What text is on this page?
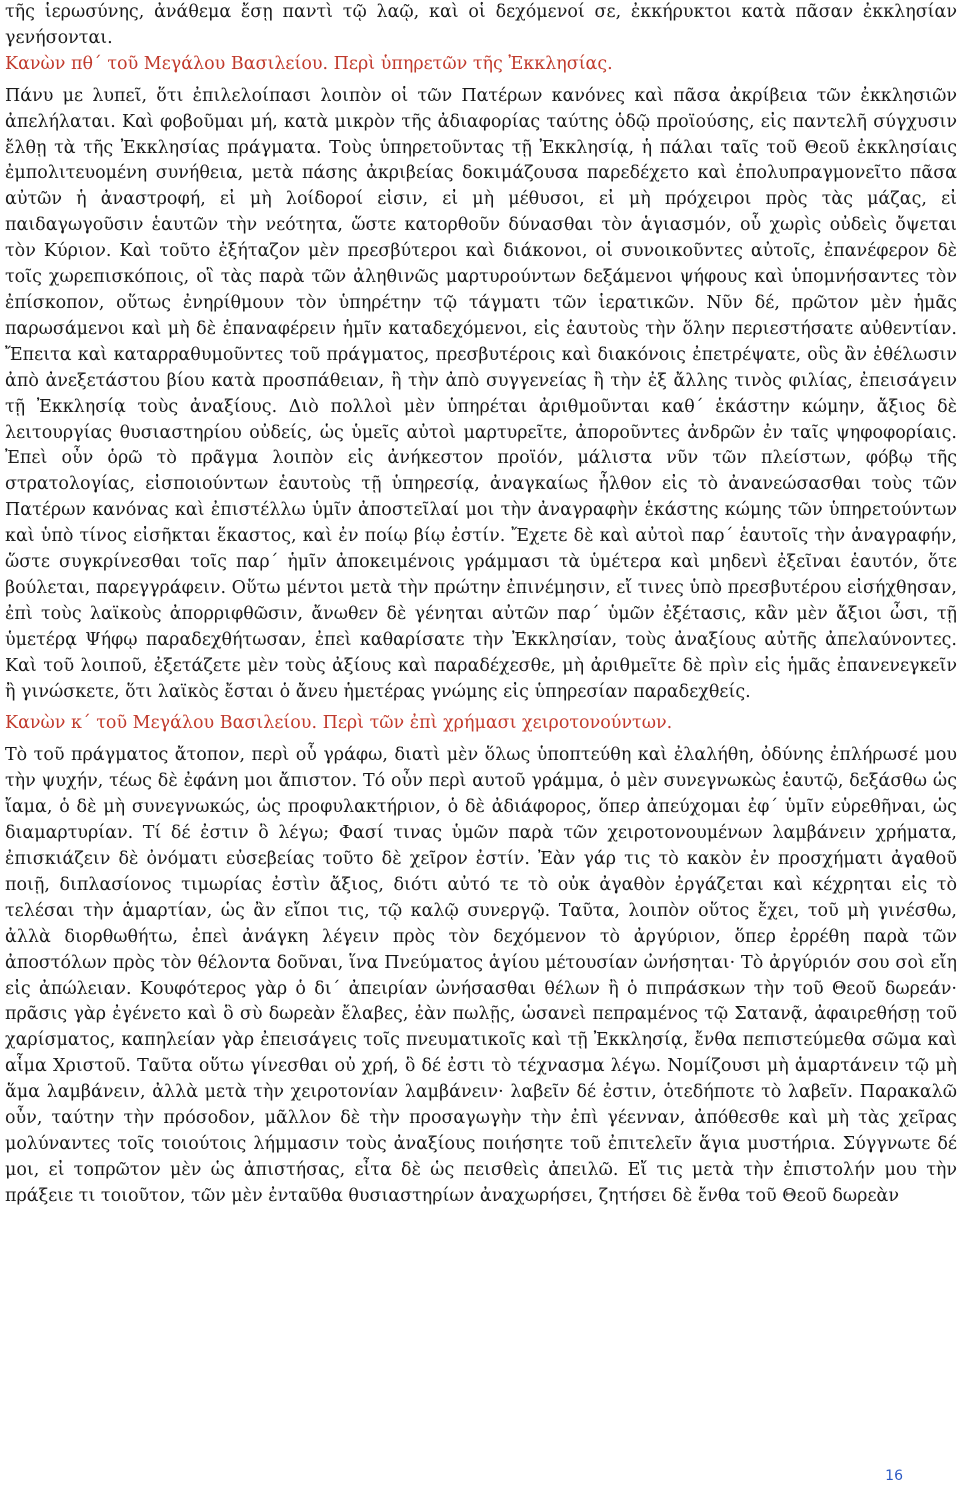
τῆς ἱερωσύνης, ἀνάθεμα ἔσῃ παντὶ τῷ λαῷ, καὶ οἱ δεχόμενοί σε, ἐκκήρυκτοι κατὰ πᾶσαν ἐκκλησίαν γενήσονται.

Κανὼν πθ΄ τοῦ Μεγάλου Βασιλείου. Περὶ ὑπηρετῶν τῆς Ἐκκλησίας.

Πάνυ με λυπεῖ, ὅτι ἐπιλελοίπασι λοιπὸν οἱ τῶν Πατέρων κανόνες καὶ πᾶσα ἀκρίβεια τῶν ἐκκλησιῶν ἀπελήλαται. Καὶ φοβοῦμαι μή, κατὰ μικρὸν τῆς ἀδιαφορίας ταύτης ὁδῷ προϊούσης, εἰς παντελῆ σύγχυσιν ἔλθῃ τὰ τῆς Ἐκκλησίας πράγματα. Τοὺς ὑπηρετοῦντας τῇ Ἐκκλησίᾳ, ἡ πάλαι ταῖς τοῦ Θεοῦ ἐκκλησίαις ἐμπολιτευομένη συνήθεια, μετὰ πάσης ἀκριβείας δοκιμάζουσα παρεδέχετο καὶ ἐπολυπραγμονεῖτο πᾶσα αὐτῶν ἡ ἀναστροφή, εἰ μὴ λοίδοροί εἰσιν, εἰ μὴ μέθυσοι, εἰ μὴ πρόχειροι πρὸς τὰς μάζας, εἰ παιδαγωγοῦσιν ἑαυτῶν τὴν νεότητα, ὥστε κατορθοῦν δύνασθαι τὸν ἁγιασμόν, οὗ χωρὶς οὐδεὶς ὄψεται τὸν Κύριον. Καὶ τοῦτο ἐξήταζον μὲν πρεσβύτεροι καὶ διάκονοι, οἱ συνοικοῦντες αὐτοῖς, ἐπανέφερον δὲ τοῖς χωρεπισκόποις, οἳ τὰς παρὰ τῶν ἀληθινῶς μαρτυρούντων δεξάμενοι ψήφους καὶ ὑπομνήσαντες τὸν ἐπίσκοπον, οὕτως ἐνηρίθμουν τὸν ὑπηρέτην τῷ τάγματι τῶν ἱερατικῶν. Νῦν δέ, πρῶτον μὲν ἡμᾶς παρωσάμενοι καὶ μὴ δὲ ἐπαναφέρειν ἡμῖν καταδεχόμενοι, εἰς ἑαυτοὺς τὴν ὅλην περιεστήσατε αὐθεντίαν. Ἔπειτα καὶ καταρραθυμοῦντες τοῦ πράγματος, πρεσβυτέροις καὶ διακόνοις ἐπετρέψατε, οὓς ἂν ἐθέλωσιν ἀπὸ ἀνεξετάστου βίου κατὰ προσπάθειαν, ἢ τὴν ἀπὸ συγγενείας ἢ τὴν ἐξ ἄλλης τινὸς φιλίας, ἐπεισάγειν τῇ Ἐκκλησίᾳ τοὺς ἀναξίους. Διὸ πολλοὶ μὲν ὑπηρέται ἀριθμοῦνται καθ΄ ἑκάστην κώμην, ἄξιος δὲ λειτουργίας θυσιαστηρίου οὐδείς, ὡς ὑμεῖς αὐτοὶ μαρτυρεῖτε, ἀποροῦντες ἀνδρῶν ἐν ταῖς ψηφοφορίαις. Ἐπεὶ οὖν ὁρῶ τὸ πρᾶγμα λοιπὸν εἰς ἀνήκεστον προϊόν, μάλιστα νῦν τῶν πλείστων, φόβῳ τῆς στρατολογίας, εἰσποιούντων ἑαυτοὺς τῇ ὑπηρεσίᾳ, ἀναγκαίως ἦλθον εἰς τὸ ἀνανεώσασθαι τοὺς τῶν Πατέρων κανόνας καὶ ἐπιστέλλω ὑμῖν ἀποστεῖλαί μοι τὴν ἀναγραφὴν ἑκάστης κώμης τῶν ὑπηρετούντων καὶ ὑπὸ τίνος εἰσῆκται ἕκαστος, καὶ ἐν ποίῳ βίῳ ἐστίν. Ἔχετε δὲ καὶ αὐτοὶ παρ΄ ἑαυτοῖς τὴν ἀναγραφήν, ὥστε συγκρίνεσθαι τοῖς παρ΄ ἡμῖν ἀποκειμένοις γράμμασι τὰ ὑμέτερα καὶ μηδενὶ ἐξεῖναι ἑαυτόν, ὅτε βούλεται, παρεγγράφειν. Οὕτω μέντοι μετὰ τὴν πρώτην ἐπινέμησιν, εἴ τινες ὑπὸ πρεσβυτέρου εἰσήχθησαν, ἐπὶ τοὺς λαϊκοὺς ἀπορριφθῶσιν, ἄνωθεν δὲ γένηται αὐτῶν παρ΄ ὑμῶν ἐξέτασις, κἂν μὲν ἄξιοι ὦσι, τῇ ὑμετέρᾳ Ψήφῳ παραδεχθήτωσαν, ἐπεὶ καθαρίσατε τὴν Ἐκκλησίαν, τοὺς ἀναξίους αὐτῆς ἀπελαύνοντες. Καὶ τοῦ λοιποῦ, ἐξετάζετε μὲν τοὺς ἀξίους καὶ παραδέχεσθε, μὴ ἀριθμεῖτε δὲ πρὶν εἰς ἡμᾶς ἐπανενεγκεῖν ἢ γινώσκετε, ὅτι λαϊκὸς ἔσται ὁ ἄνευ ἡμετέρας γνώμης εἰς ὑπηρεσίαν παραδεχθείς.

Κανὼν κ΄ τοῦ Μεγάλου Βασιλείου. Περὶ τῶν ἐπὶ χρήμασι χειροτονούντων.

Τὸ τοῦ πράγματος ἄτοπον, περὶ οὗ γράφω, διατὶ μὲν ὅλως ὑποπτεύθη καὶ ἐλαλήθη, ὀδύνης ἐπλήρωσέ μου τὴν ψυχήν, τέως δὲ ἐφάνη μοι ἄπιστον. Τό οὖν περὶ αυτοῦ γράμμα, ὁ μὲν συνεγνωκὼς ἑαυτῷ, δεξάσθω ὡς ἴαμα, ὁ δὲ μὴ συνεγνωκώς, ὡς προφυλακτήριον, ὁ δὲ ἀδιάφορος, ὅπερ ἀπεύχομαι ἐφ΄ ὑμῖν εὑρεθῆναι, ὡς διαμαρτυρίαν. Τί δέ ἐστιν ὃ λέγω; Φασί τινας ὑμῶν παρὰ τῶν χειροτονουμένων λαμβάνειν χρήματα, ἐπισκιάζειν δὲ ὀνόματι εὐσεβείας τοῦτο δὲ χεῖρον ἐστίν. Ἐὰν γάρ τις τὸ κακὸν ἐν προσχήματι ἀγαθοῦ ποιῇ, διπλασίονος τιμωρίας ἐστὶν ἄξιος, διότι αὐτό τε τὸ οὐκ ἀγαθὸν ἐργάζεται καὶ κέχρηται εἰς τὸ τελέσαι τὴν ἁμαρτίαν, ὡς ἂν εἴποι τις, τῷ καλῷ συνεργῷ. Ταῦτα, λοιπὸν οὕτος ἔχει, τοῦ μὴ γινέσθω, ἀλλὰ διορθωθήτω, ἐπεὶ ἀνάγκη λέγειν πρὸς τὸν δεχόμενον τὸ ἀργύριον, ὅπερ ἐρρέθη παρὰ τῶν ἀποστόλων πρὸς τὸν θέλοντα δοῦναι, ἵνα Πνεύματος ἁγίου μέτουσίαν ὠνήσηται· Τὸ ἀργύριόν σου σοὶ εἴη εἰς ἀπώλειαν. Κουφότερος γὰρ ὁ δι΄ ἀπειρίαν ὠνήσασθαι θέλων ἢ ὁ πιπράσκων τὴν τοῦ Θεοῦ δωρεάν· πρᾶσις γὰρ ἐγένετο καὶ ὃ σὺ δωρεὰν ἔλαβες, ἐὰν πωλῇς, ὡσανεὶ πεπραμένος τῷ Σατανᾷ, ἀφαιρεθήσῃ τοῦ χαρίσματος, καπηλείαν γὰρ ἐπεισάγεις τοῖς πνευματικοῖς καὶ τῇ Ἐκκλησίᾳ, ἔνθα πεπιστεύμεθα σῶμα καὶ αἷμα Χριστοῦ. Ταῦτα οὕτω γίνεσθαι οὐ χρή, ὃ δέ ἐστι τὸ τέχνασμα λέγω. Νομίζουσι μὴ ἁμαρτάνειν τῷ μὴ ἅμα λαμβάνειν, ἀλλὰ μετὰ τὴν χειροτονίαν λαμβάνειν· λαβεῖν δέ ἐστιν, ὁτεδήποτε τὸ λαβεῖν. Παρακαλῶ οὖν, ταύτην τὴν πρόσοδον, μᾶλλον δὲ τὴν προσαγωγὴν τὴν ἐπὶ γέενναν, ἀπόθεσθε καὶ μὴ τὰς χεῖρας μολύναντες τοῖς τοιούτοις λήμμασιν τοὺς ἀναξίους ποιήσητε τοῦ ἐπιτελεῖν ἅγια μυστήρια. Σύγγνωτε δέ μοι, εἰ τοπρῶτον μὲν ὡς ἀπιστήσας, εἶτα δὲ ὡς πεισθεὶς ἀπειλῶ. Εἴ τις μετὰ τὴν ἐπιστολήν μου τὴν πράξειε τι τοιοῦτον, τῶν μὲν ἐνταῦθα θυσιαστηρίων ἀναχωρήσει, ζητήσει δὲ ἔνθα τοῦ Θεοῦ δωρεὰν

16
